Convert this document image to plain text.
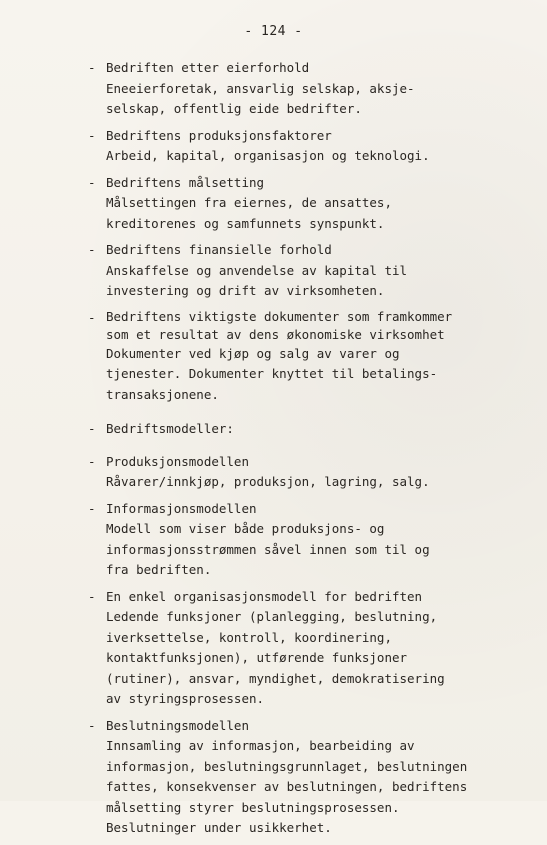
- 124 -
- Bedriften etter eierforhold
Eneeierforetak, ansvarlig selskap, aksje-
selskap, offentlig eide bedrifter.
- Bedriftens produksjonsfaktorer
Arbeid, kapital, organisasjon og teknologi.
- Bedriftens målsetting
Målsettingen fra eiernes, de ansattes,
kreditorenes og samfunnets synspunkt.
- Bedriftens finansielle forhold
Anskaffelse og anvendelse av kapital til
investering og drift av virksomheten.
- Bedriftens viktigste dokumenter som framkommer
som et resultat av dens økonomiske virksomhet
Dokumenter ved kjøp og salg av varer og
tjenester. Dokumenter knyttet til betalings-
transaksjonene.
- Bedriftsmodeller:
- Produksjonsmodellen
Råvarer/innkjøp, produksjon, lagring, salg.
- Informasjonsmodellen
Modell som viser både produksjons- og
informasjonsstrømmen såvel innen som til og
fra bedriften.
- En enkel organisasjonsmodell for bedriften
Ledende funksjoner (planlegging, beslutning,
iverksettelse, kontroll, koordinering,
kontaktfunksjonen), utførende funksjoner
(rutiner), ansvar, myndighet, demokratisering
av styringsprosessen.
- Beslutningsmodellen
Innsamling av informasjon, bearbeiding av
informasjon, beslutningsgrunnlaget, beslutningen
fattes, konsekvenser av beslutningen, bedriftens
målsetting styrer beslutningsprosessen.
Beslutninger under usikkerhet.
